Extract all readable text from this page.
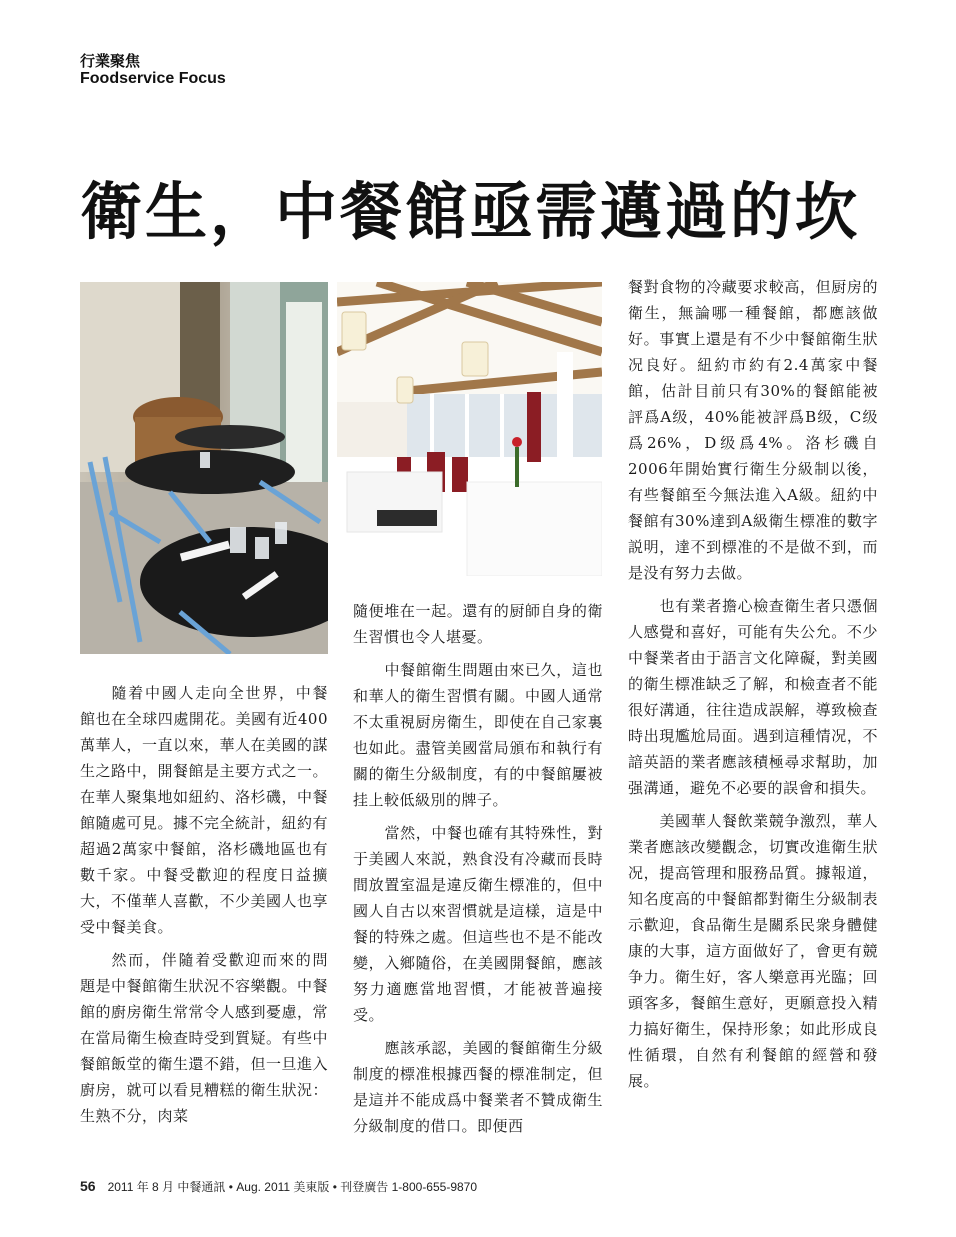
行業聚焦
Foodservice Focus
衛生，中餐館亟需邁過的坎

隨着中國人走向全世界，中餐館也在全球四處開花。美國有近400萬華人，一直以來，華人在美國的謀生之路中，開餐館是主要方式之一。在華人聚集地如紐約、洛杉磯，中餐館隨處可見。據不完全統計，紐約有超過2萬家中餐館，洛杉磯地區也有數千家。中餐受歡迎的程度日益擴大，不僅華人喜歡，不少美國人也享受中餐美食。

然而，伴隨着受歡迎而來的問題是中餐館衛生狀況不容樂觀。中餐館的廚房衛生常常令人感到憂慮，常在當局衛生檢查時受到質疑。有些中餐館飯堂的衛生還不錯，但一旦進入廚房，就可以看見糟糕的衛生狀況：生熟不分，肉菜

隨便堆在一起。還有的厨師自身的衛生習慣也令人堪憂。

中餐館衛生問題由來已久，這也和華人的衛生習慣有關。中國人通常不太重視厨房衛生，即使在自己家裏也如此。盡管美國當局頒布和執行有關的衛生分級制度，有的中餐館屢被挂上較低級別的牌子。

當然，中餐也確有其特殊性，對于美國人來説，熟食没有冷藏而長時間放置室温是違反衛生標准的，但中國人自古以來習慣就是這樣，這是中餐的特殊之處。但這些也不是不能改變，入鄉隨俗，在美國開餐館，應該努力適應當地習慣，才能被普遍接受。

應該承認，美國的餐館衛生分級制度的標准根據西餐的標准制定，但是這并不能成爲中餐業者不贊成衛生分級制度的借口。即便西

餐對食物的冷藏要求較高，但厨房的衛生，無論哪一種餐館，都應該做好。事實上還是有不少中餐館衛生狀况良好。紐約市約有2.4萬家中餐館，估計目前只有30%的餐館能被評爲A级，40%能被評爲B级，C级爲26%，D级爲4%。洛杉磯自2006年開始實行衛生分級制以後，有些餐館至今無法進入A級。紐約中餐館有30%達到A級衛生標准的數字説明，達不到標准的不是做不到，而是没有努力去做。

也有業者擔心檢查衛生者只憑個人感覺和喜好，可能有失公允。不少中餐業者由于語言文化障礙，對美國的衛生標准缺乏了解，和檢查者不能很好溝通，往往造成誤解，導致檢查時出現尷尬局面。遇到這種情况，不諳英語的業者應該積極尋求幫助，加强溝通，避免不必要的誤會和損失。

美國華人餐飲業競争激烈，華人業者應該改變觀念，切實改進衛生狀况，提高管理和服務品質。據報道，知名度高的中餐館都對衛生分級制表示歡迎，食品衛生是關系民衆身體健康的大事，這方面做好了，會更有競争力。衛生好，客人樂意再光臨；回頭客多，餐館生意好，更願意投入精力搞好衛生，保持形象；如此形成良性循環，自然有利餐館的經營和發展。

56 2011 年 8 月 中餐通訊 • Aug. 2011 美東版 • 刊登廣告 1-800-655-9870
